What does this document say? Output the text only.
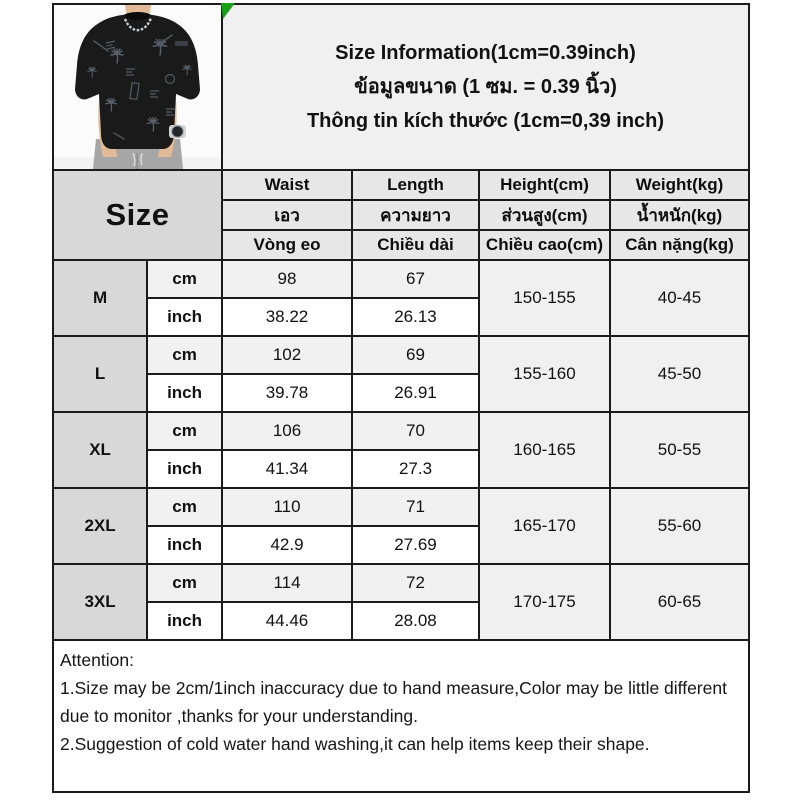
Size Information(1cm=0.39inch)
ข้อมูลขนาด (1 ซม. = 0.39 นิ้ว)
Thông tin kích thước (1cm=0,39 inch)			

Size		Waist	Length	Height(cm)	Weight(kg)
		เอว	ความยาว	ส่วนสูง(cm)	น้ำหนัก(kg)
		Vòng eo	Chiều dài	Chiều cao(cm)	Cân nặng(kg)
M	cm	98	67	150-155	40-45
	inch	38.22	26.13		
L	cm	102	69	155-160	45-50
	inch	39.78	26.91		
XL	cm	106	70	160-165	50-55
	inch	41.34	27.3		
2XL	cm	110	71	165-170	55-60
	inch	42.9	27.69		
3XL	cm	114	72	170-175	60-65
	inch	44.46	28.08		

Attention:
1.Size may be 2cm/1inch inaccuracy due to hand measure,Color may be little different due to monitor ,thanks for your understanding.
2.Suggestion of cold water hand washing,it can help items keep their shape.					
